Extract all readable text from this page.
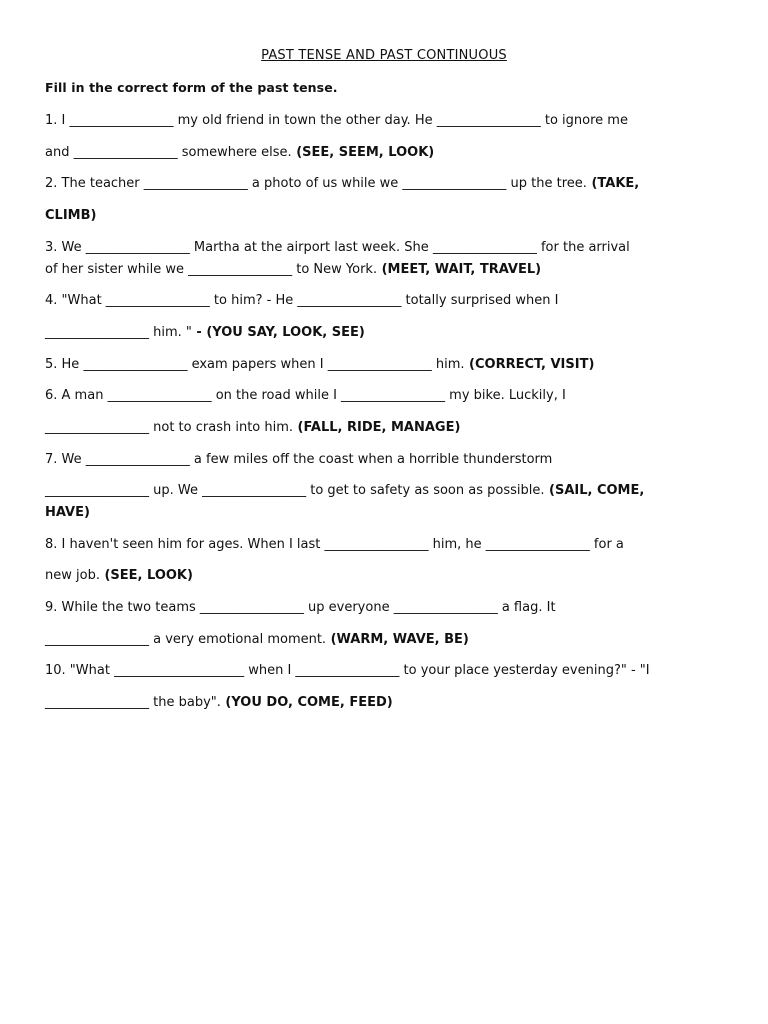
PAST TENSE AND PAST CONTINUOUS
Fill in the correct form of the past tense.
1. I ________________ my old friend in town the other day. He ________________ to ignore me
and ________________ somewhere else. (SEE, SEEM, LOOK)
2. The teacher ________________ a photo of us while we ________________ up the tree. (TAKE,
CLIMB)
3. We ________________ Martha at the airport last week. She ________________ for the arrival
of her sister while we ________________ to New York. (MEET, WAIT, TRAVEL)
4. "What ________________ to him? - He ________________ totally surprised when I
________________ him. " - (YOU SAY, LOOK, SEE)
5. He ________________ exam papers when I ________________ him. (CORRECT, VISIT)
6. A man ________________ on the road while I ________________ my bike. Luckily, I
________________ not to crash into him. (FALL, RIDE, MANAGE)
7. We ________________ a few miles off the coast when a horrible thunderstorm
________________ up. We ________________ to get to safety as soon as possible. (SAIL, COME,
HAVE)
8. I haven't seen him for ages. When I last ________________ him, he ________________ for a
new job. (SEE, LOOK)
9. While the two teams ________________ up everyone ________________ a flag. It
________________ a very emotional moment. (WARM, WAVE, BE)
10. "What ____________________ when I ________________ to your place yesterday evening?" - "I
________________ the baby". (YOU DO, COME, FEED)
